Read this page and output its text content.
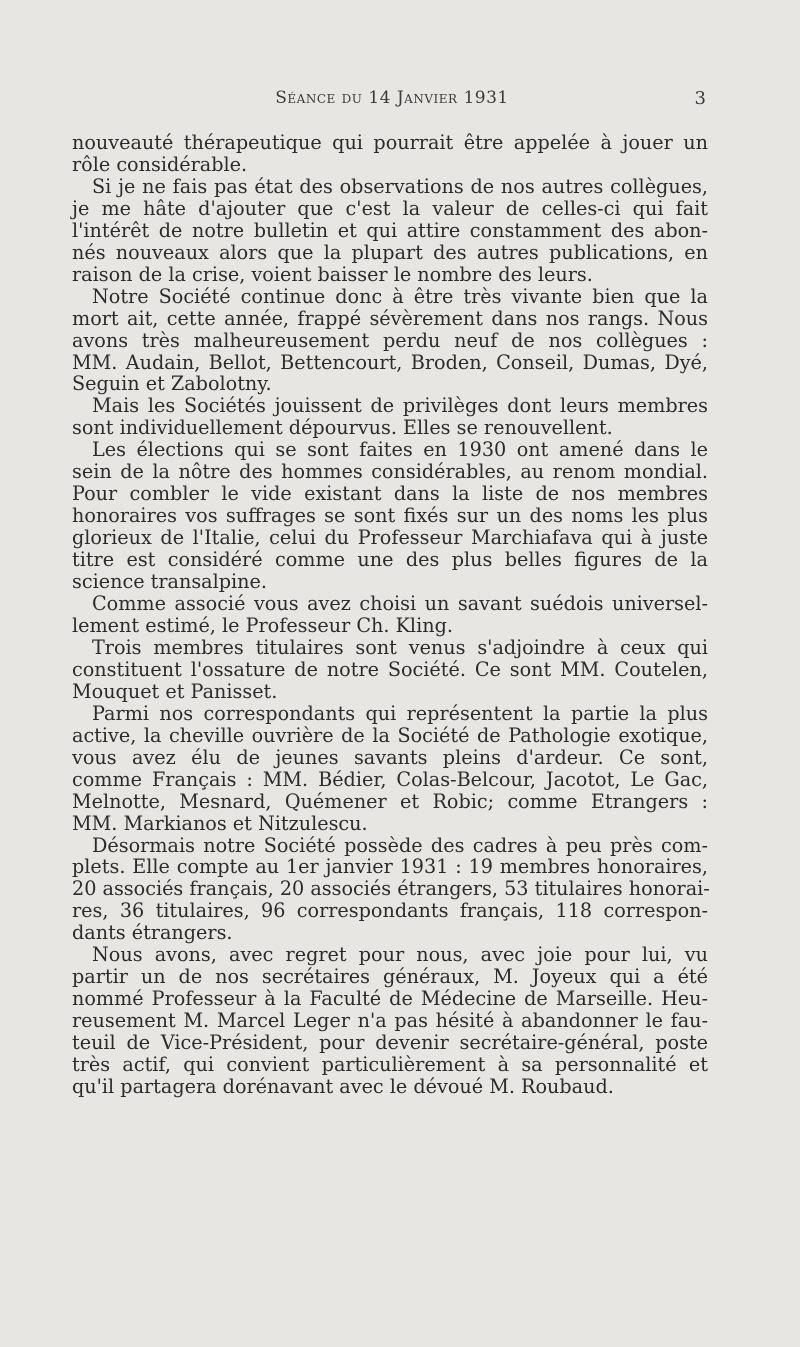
Séance du 14 Janvier 1931	3
nouveauté thérapeutique qui pourrait être appelée à jouer un
rôle considérable.
Si je ne fais pas état des observations de nos autres collègues,
je me hâte d'ajouter que c'est la valeur de celles-ci qui fait
l'intérêt de notre bulletin et qui attire constamment des abon-
nés nouveaux alors que la plupart des autres publications, en
raison de la crise, voient baisser le nombre des leurs.
Notre Société continue donc à être très vivante bien que la
mort ait, cette année, frappé sévèrement dans nos rangs. Nous
avons très malheureusement perdu neuf de nos collègues :
MM. Audain, Bellot, Bettencourt, Broden, Conseil, Dumas, Dyé,
Seguin et Zabolotny.
Mais les Sociétés jouissent de privilèges dont leurs membres
sont individuellement dépourvus. Elles se renouvellent.
Les élections qui se sont faites en 1930 ont amené dans le
sein de la nôtre des hommes considérables, au renom mondial.
Pour combler le vide existant dans la liste de nos membres
honoraires vos suffrages se sont fixés sur un des noms les plus
glorieux de l'Italie, celui du Professeur Marchiafava qui à juste
titre est considéré comme une des plus belles figures de la
science transalpine.
Comme associé vous avez choisi un savant suédois universel-
lement estimé, le Professeur Ch. Kling.
Trois membres titulaires sont venus s'adjoindre à ceux qui
constituent l'ossature de notre Société. Ce sont MM. Coutelen,
Mouquet et Panisset.
Parmi nos correspondants qui représentent la partie la plus
active, la cheville ouvrière de la Société de Pathologie exotique,
vous avez élu de jeunes savants pleins d'ardeur. Ce sont,
comme Français : MM. Bédier, Colas-Belcour, Jacotot, Le Gac,
Melnotte, Mesnard, Quémener et Robic; comme Etrangers :
MM. Markianos et Nitzulescu.
Désormais notre Société possède des cadres à peu près com-
plets. Elle compte au 1er janvier 1931 : 19 membres honoraires,
20 associés français, 20 associés étrangers, 53 titulaires honorai-
res, 36 titulaires, 96 correspondants français, 118 correspon-
dants étrangers.
Nous avons, avec regret pour nous, avec joie pour lui, vu
partir un de nos secrétaires généraux, M. Joyeux qui a été
nommé Professeur à la Faculté de Médecine de Marseille. Heu-
reusement M. Marcel Leger n'a pas hésité à abandonner le fau-
teuil de Vice-Président, pour devenir secrétaire-général, poste
très actif, qui convient particulièrement à sa personnalité et
qu'il partagera dorénavant avec le dévoué M. Roubaud.
